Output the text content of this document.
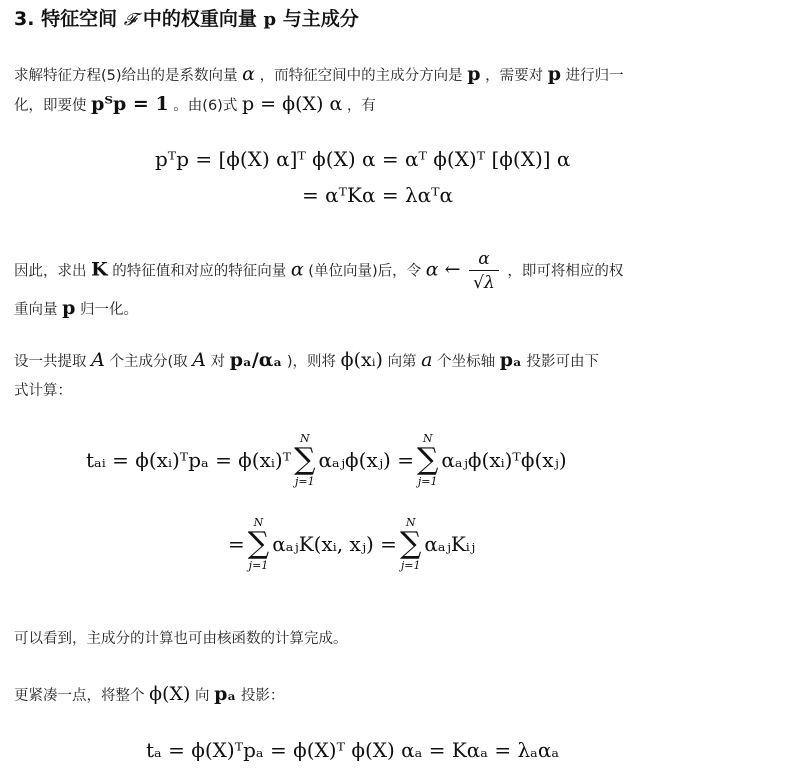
3. 特征空间 𝓕 中的权重向量 p 与主成分

求解特征方程(5)给出的是系数向量 α ，而特征空间中的主成分方向是 p ，需要对 p 进行归一

化，即要使 pᵀp = 1 。由(6)式 p = ϕ(X) α ，有

pᵀp = [ϕ(X) α]ᵀ ϕ(X) α = αᵀ ϕ(X)ᵀ [ϕ(X)] α
= αᵀKα = λαᵀα

因此，求出 K 的特征值和对应的特征向量 α (单位向量)后，令 α ← $\frac{\alpha}{√\lambda}$ ，即可将相应的权

重向量 p 归一化。

设一共提取 A 个主成分(取 A 对 pₐ/αₐ )，则将 ϕ(xᵢ) 向第 a 个坐标轴 pₐ 投影可由下

式计算：

tₐᵢ = ϕ(xᵢ)ᵀpₐ = ϕ(xᵢ)ᵀ
N
∑
j=1
αₐⱼϕ(xⱼ) =
N
∑
j=1
αₐⱼϕ(xᵢ)ᵀϕ(xⱼ)
=
N
∑
j=1
αₐⱼK(xᵢ, xⱼ) =
N
∑
j=1
αₐⱼKᵢⱼ

可以看到，主成分的计算也可由核函数的计算完成。

更紧凑一点，将整个 ϕ(X) 向 pₐ 投影：

tₐ = ϕ(X)ᵀpₐ = ϕ(X)ᵀ ϕ(X) αₐ = Kαₐ = λₐαₐ
